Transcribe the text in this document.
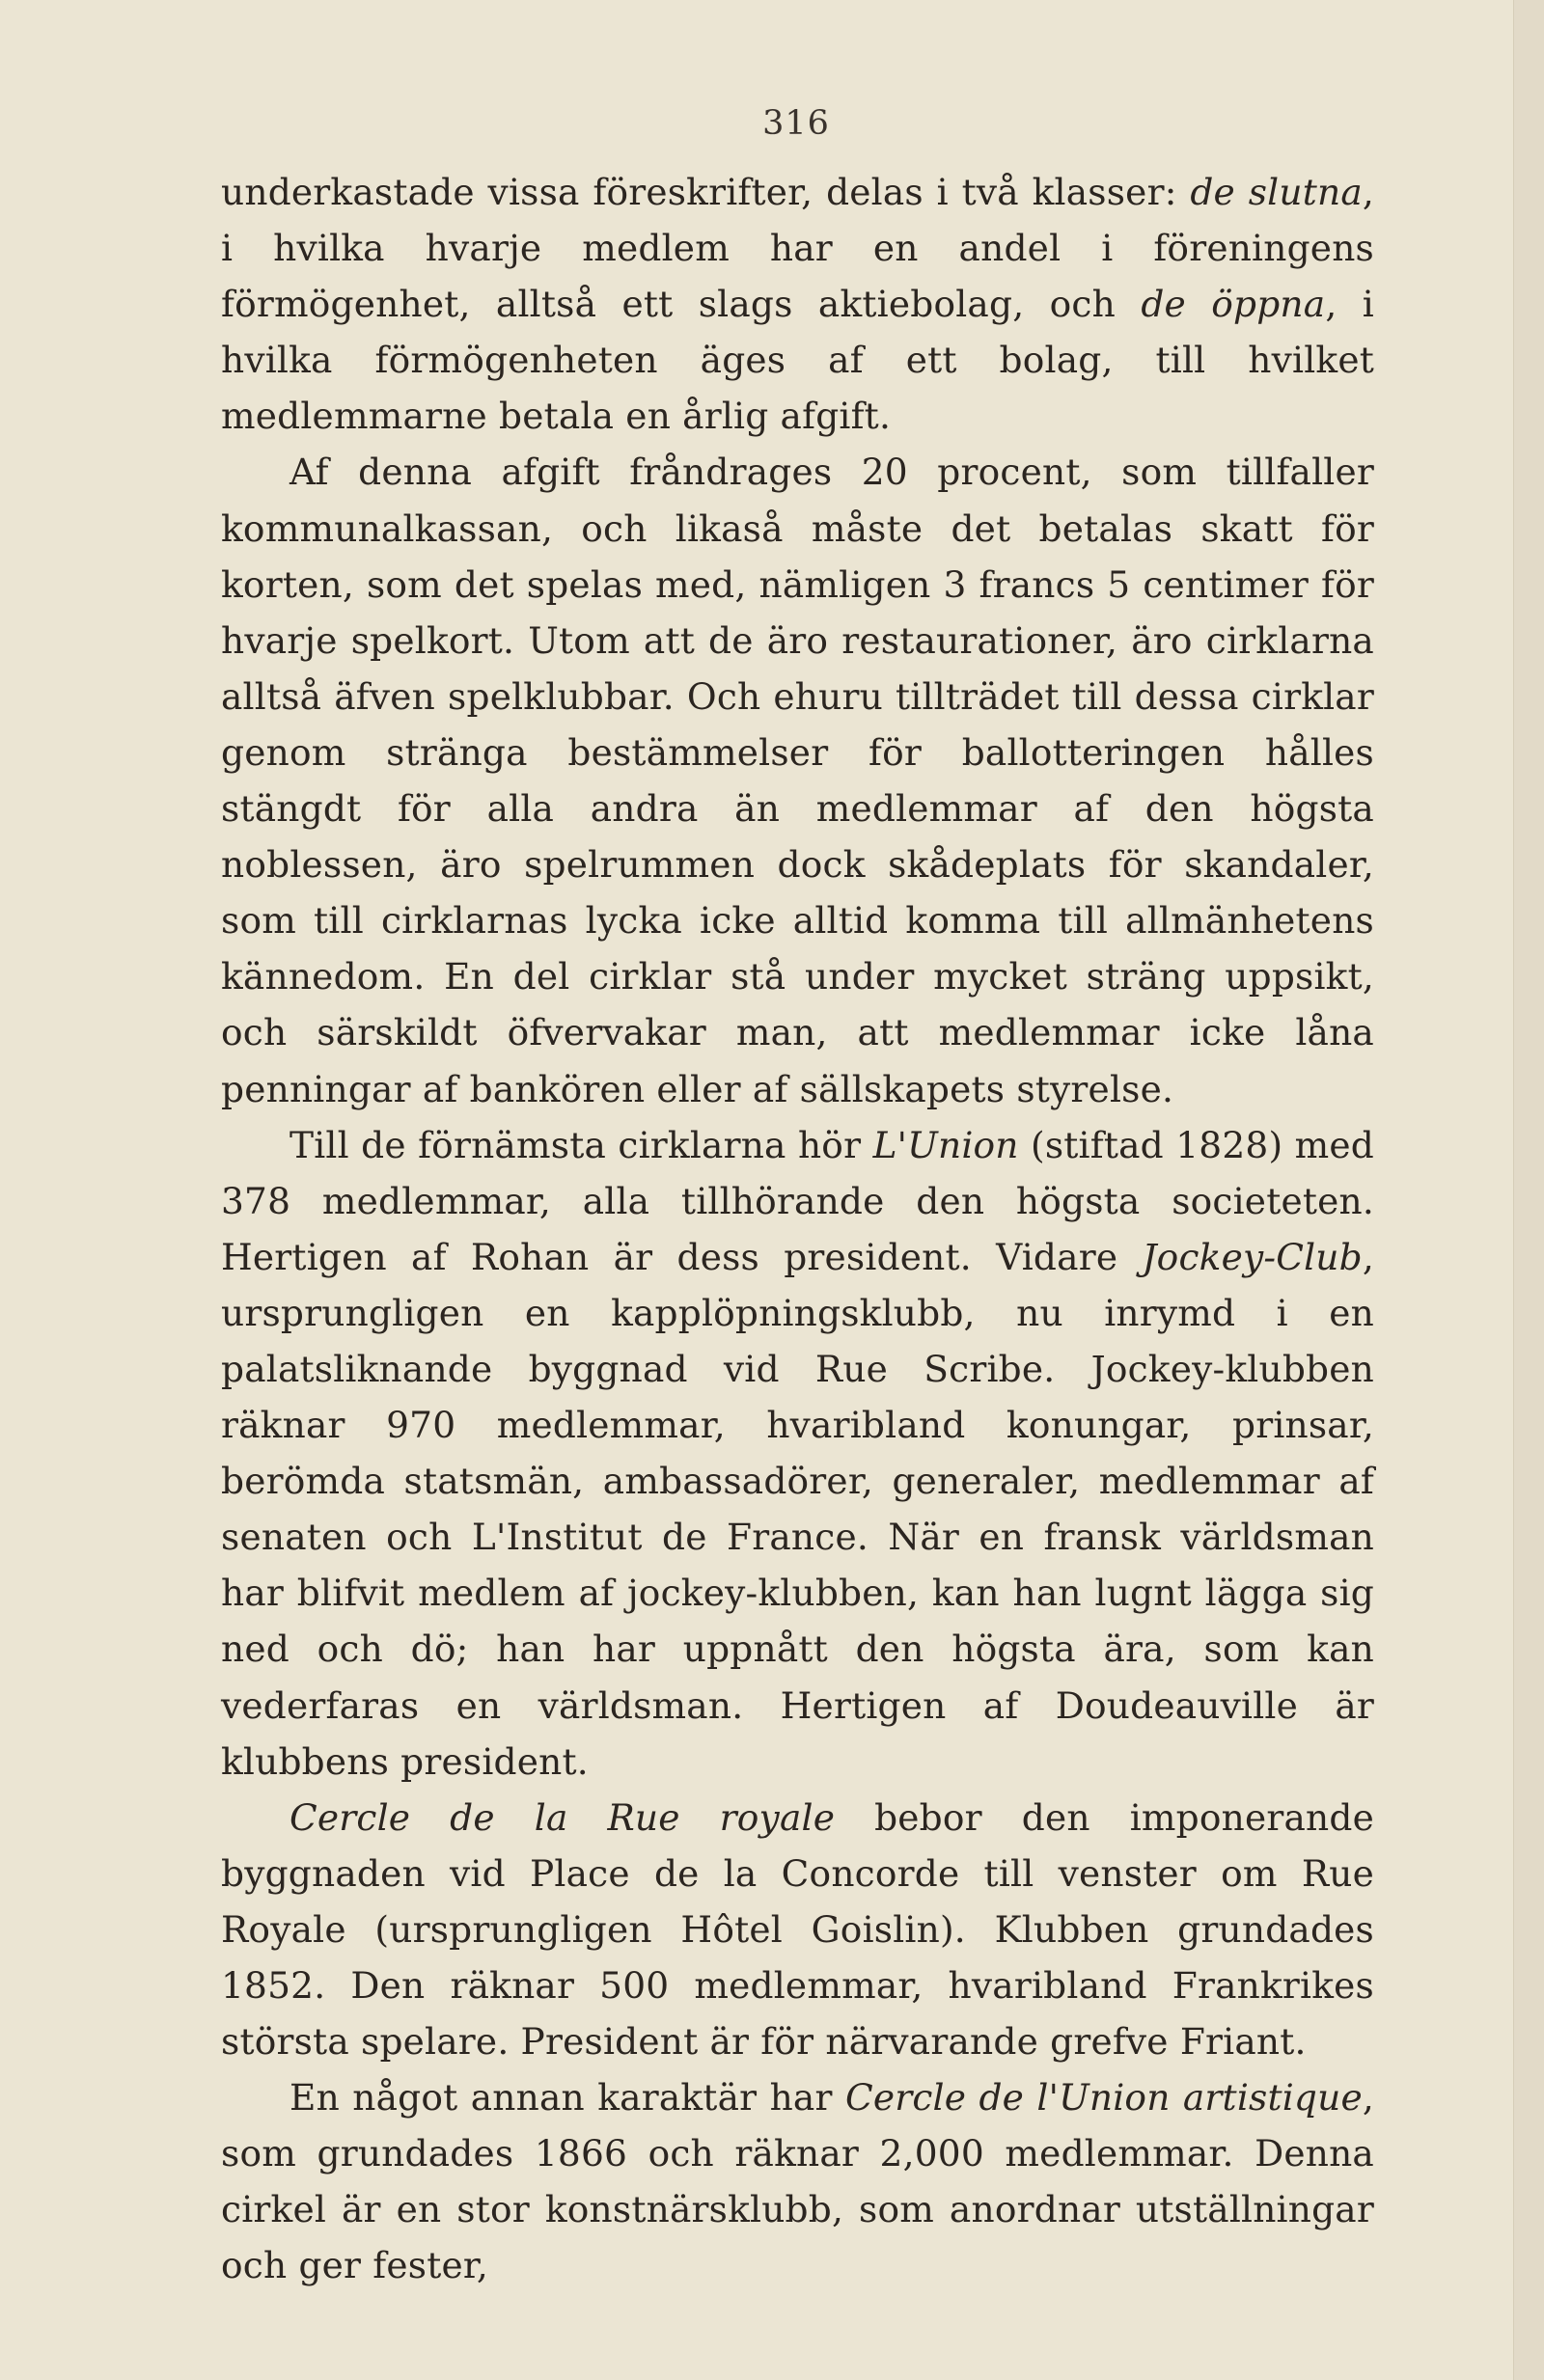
316

underkastade vissa föreskrifter, delas i två klasser: de slutna, i hvilka hvarje medlem har en andel i föreningens förmögenhet, alltså ett slags aktiebolag, och de öppna, i hvilka förmögenheten äges af ett bolag, till hvilket medlemmarne betala en årlig afgift.

Af denna afgift fråndrages 20 procent, som tillfaller kommunalkassan, och likaså måste det betalas skatt för korten, som det spelas med, nämligen 3 francs 5 centimer för hvarje spelkort. Utom att de äro restaurationer, äro cirklarna alltså äfven spelklubbar. Och ehuru tillträdet till dessa cirklar genom stränga bestämmelser för ballotteringen hålles stängdt för alla andra än medlemmar af den högsta noblessen, äro spelrummen dock skådeplats för skandaler, som till cirklarnas lycka icke alltid komma till allmänhetens kännedom. En del cirklar stå under mycket sträng uppsikt, och särskildt öfvervakar man, att medlemmar icke låna penningar af bankören eller af sällskapets styrelse.

Till de förnämsta cirklarna hör L'Union (stiftad 1828) med 378 medlemmar, alla tillhörande den högsta societeten. Hertigen af Rohan är dess president. Vidare Jockey-Club, ursprungligen en kapplöpningsklubb, nu inrymd i en palatsliknande byggnad vid Rue Scribe. Jockey-klubben räknar 970 medlemmar, hvaribland konungar, prinsar, berömda statsmän, ambassadörer, generaler, medlemmar af senaten och L'Institut de France. När en fransk världsman har blifvit medlem af jockey-klubben, kan han lugnt lägga sig ned och dö; han har uppnått den högsta ära, som kan vederfaras en världsman. Hertigen af Doudeauville är klubbens president.

Cercle de la Rue royale bebor den imponerande byggnaden vid Place de la Concorde till venster om Rue Royale (ursprungligen Hôtel Goislin). Klubben grundades 1852. Den räknar 500 medlemmar, hvaribland Frankrikes största spelare. President är för närvarande grefve Friant.

En något annan karaktär har Cercle de l'Union artistique, som grundades 1866 och räknar 2,000 medlemmar. Denna cirkel är en stor konstnärsklubb, som anordnar utställningar och ger fester,
